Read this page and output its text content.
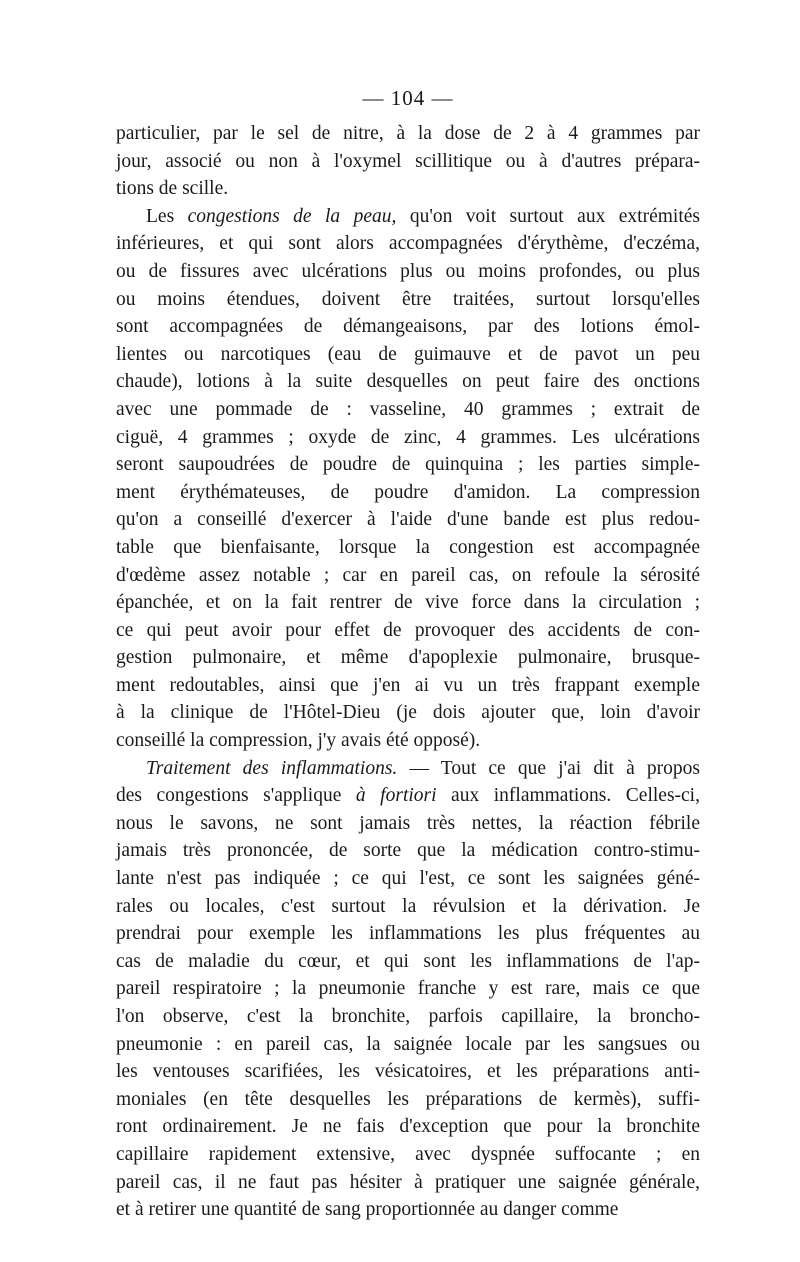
— 104 —

particulier, par le sel de nitre, à la dose de 2 à 4 grammes par
jour, associé ou non à l'oxymel scillitique ou à d'autres prépara-
tions de scille.

Les congestions de la peau, qu'on voit surtout aux extrémités
inférieures, et qui sont alors accompagnées d'érythème, d'eczéma,
ou de fissures avec ulcérations plus ou moins profondes, ou plus
ou moins étendues, doivent être traitées, surtout lorsqu'elles
sont accompagnées de démangeaisons, par des lotions émol-
lientes ou narcotiques (eau de guimauve et de pavot un peu
chaude), lotions à la suite desquelles on peut faire des onctions
avec une pommade de : vasseline, 40 grammes ; extrait de
ciguë, 4 grammes ; oxyde de zinc, 4 grammes. Les ulcérations
seront saupoudrées de poudre de quinquina ; les parties simple-
ment érythémateuses, de poudre d'amidon. La compression
qu'on a conseillé d'exercer à l'aide d'une bande est plus redou-
table que bienfaisante, lorsque la congestion est accompagnée
d'œdème assez notable ; car en pareil cas, on refoule la sérosité
épanchée, et on la fait rentrer de vive force dans la circulation ;
ce qui peut avoir pour effet de provoquer des accidents de con-
gestion pulmonaire, et même d'apoplexie pulmonaire, brusque-
ment redoutables, ainsi que j'en ai vu un très frappant exemple
à la clinique de l'Hôtel-Dieu (je dois ajouter que, loin d'avoir
conseillé la compression, j'y avais été opposé).

Traitement des inflammations. — Tout ce que j'ai dit à propos
des congestions s'applique à fortiori aux inflammations. Celles-ci,
nous le savons, ne sont jamais très nettes, la réaction fébrile
jamais très prononcée, de sorte que la médication contro-stimu-
lante n'est pas indiquée ; ce qui l'est, ce sont les saignées géné-
rales ou locales, c'est surtout la révulsion et la dérivation. Je
prendrai pour exemple les inflammations les plus fréquentes au
cas de maladie du cœur, et qui sont les inflammations de l'ap-
pareil respiratoire ; la pneumonie franche y est rare, mais ce que
l'on observe, c'est la bronchite, parfois capillaire, la broncho-
pneumonie : en pareil cas, la saignée locale par les sangsues ou
les ventouses scarifiées, les vésicatoires, et les préparations anti-
moniales (en tête desquelles les préparations de kermès), suffi-
ront ordinairement. Je ne fais d'exception que pour la bronchite
capillaire rapidement extensive, avec dyspnée suffocante ; en
pareil cas, il ne faut pas hésiter à pratiquer une saignée générale,
et à retirer une quantité de sang proportionnée au danger comme
